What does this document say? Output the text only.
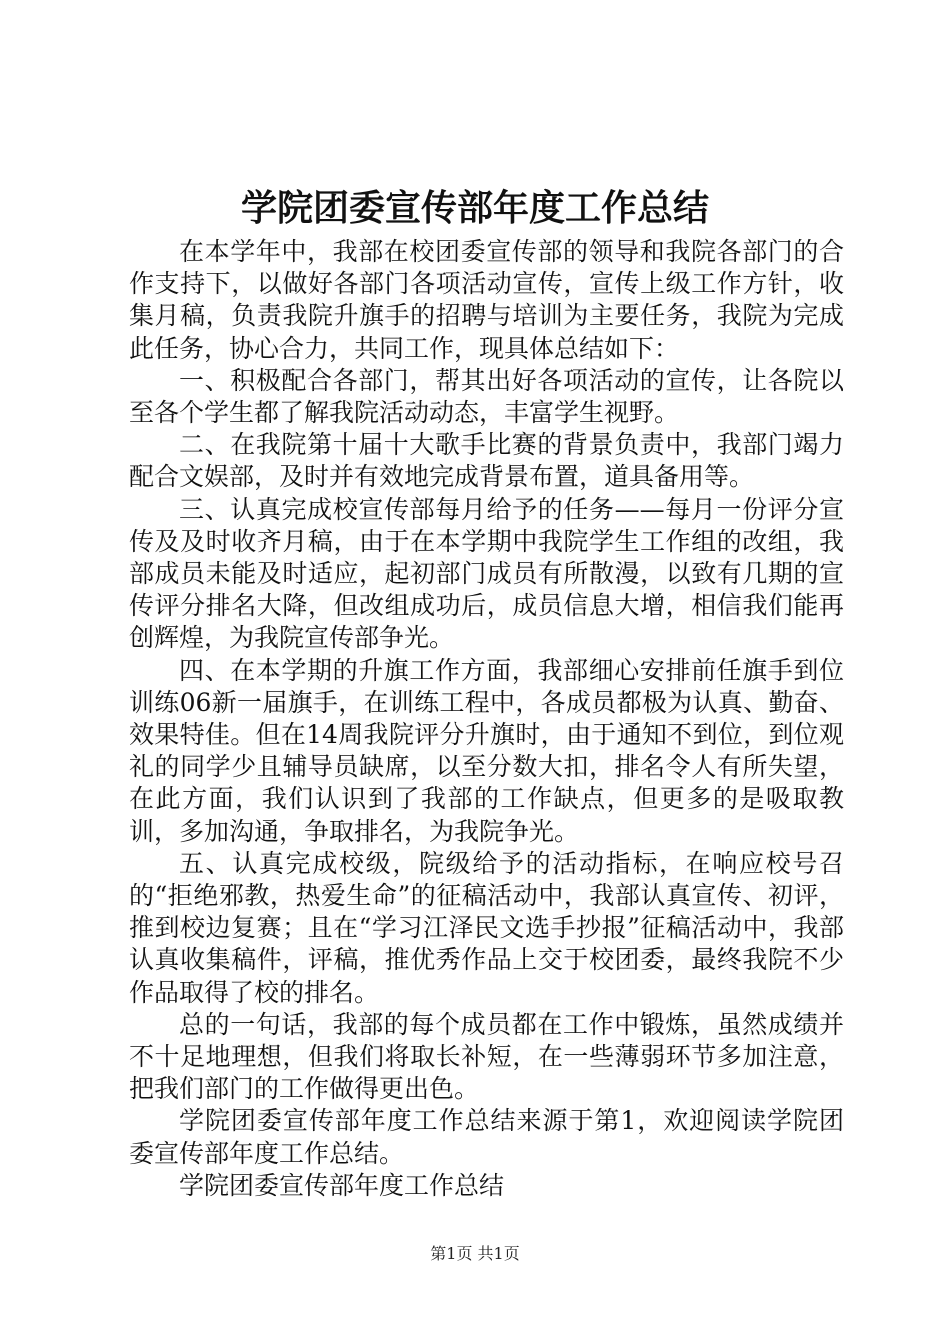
学院团委宣传部年度工作总结

在本学年中，我部在校团委宣传部的领导和我院各部门的合作支持下，以做好各部门各项活动宣传，宣传上级工作方针，收集月稿，负责我院升旗手的招聘与培训为主要任务，我院为完成此任务，协心合力，共同工作，现具体总结如下：

一、积极配合各部门，帮其出好各项活动的宣传，让各院以至各个学生都了解我院活动动态，丰富学生视野。

二、在我院第十届十大歌手比赛的背景负责中，我部门竭力配合文娱部，及时并有效地完成背景布置，道具备用等。

三、认真完成校宣传部每月给予的任务——每月一份评分宣传及及时收齐月稿，由于在本学期中我院学生工作组的改组，我部成员未能及时适应，起初部门成员有所散漫，以致有几期的宣传评分排名大降，但改组成功后，成员信息大增，相信我们能再创辉煌，为我院宣传部争光。

四、在本学期的升旗工作方面，我部细心安排前任旗手到位训练06新一届旗手，在训练工程中，各成员都极为认真、勤奋、效果特佳。但在14周我院评分升旗时，由于通知不到位，到位观礼的同学少且辅导员缺席，以至分数大扣，排名令人有所失望，在此方面，我们认识到了我部的工作缺点，但更多的是吸取教训，多加沟通，争取排名，为我院争光。

五、认真完成校级，院级给予的活动指标，在响应校号召的“拒绝邪教，热爱生命”的征稿活动中，我部认真宣传、初评，推到校边复赛；且在“学习江泽民文选手抄报”征稿活动中，我部认真收集稿件，评稿，推优秀作品上交于校团委，最终我院不少作品取得了校的排名。

总的一句话，我部的每个成员都在工作中锻炼，虽然成绩并不十足地理想，但我们将取长补短，在一些薄弱环节多加注意，把我们部门的工作做得更出色。

学院团委宣传部年度工作总结来源于第1，欢迎阅读学院团委宣传部年度工作总结。

学院团委宣传部年度工作总结

第1页 共1页
